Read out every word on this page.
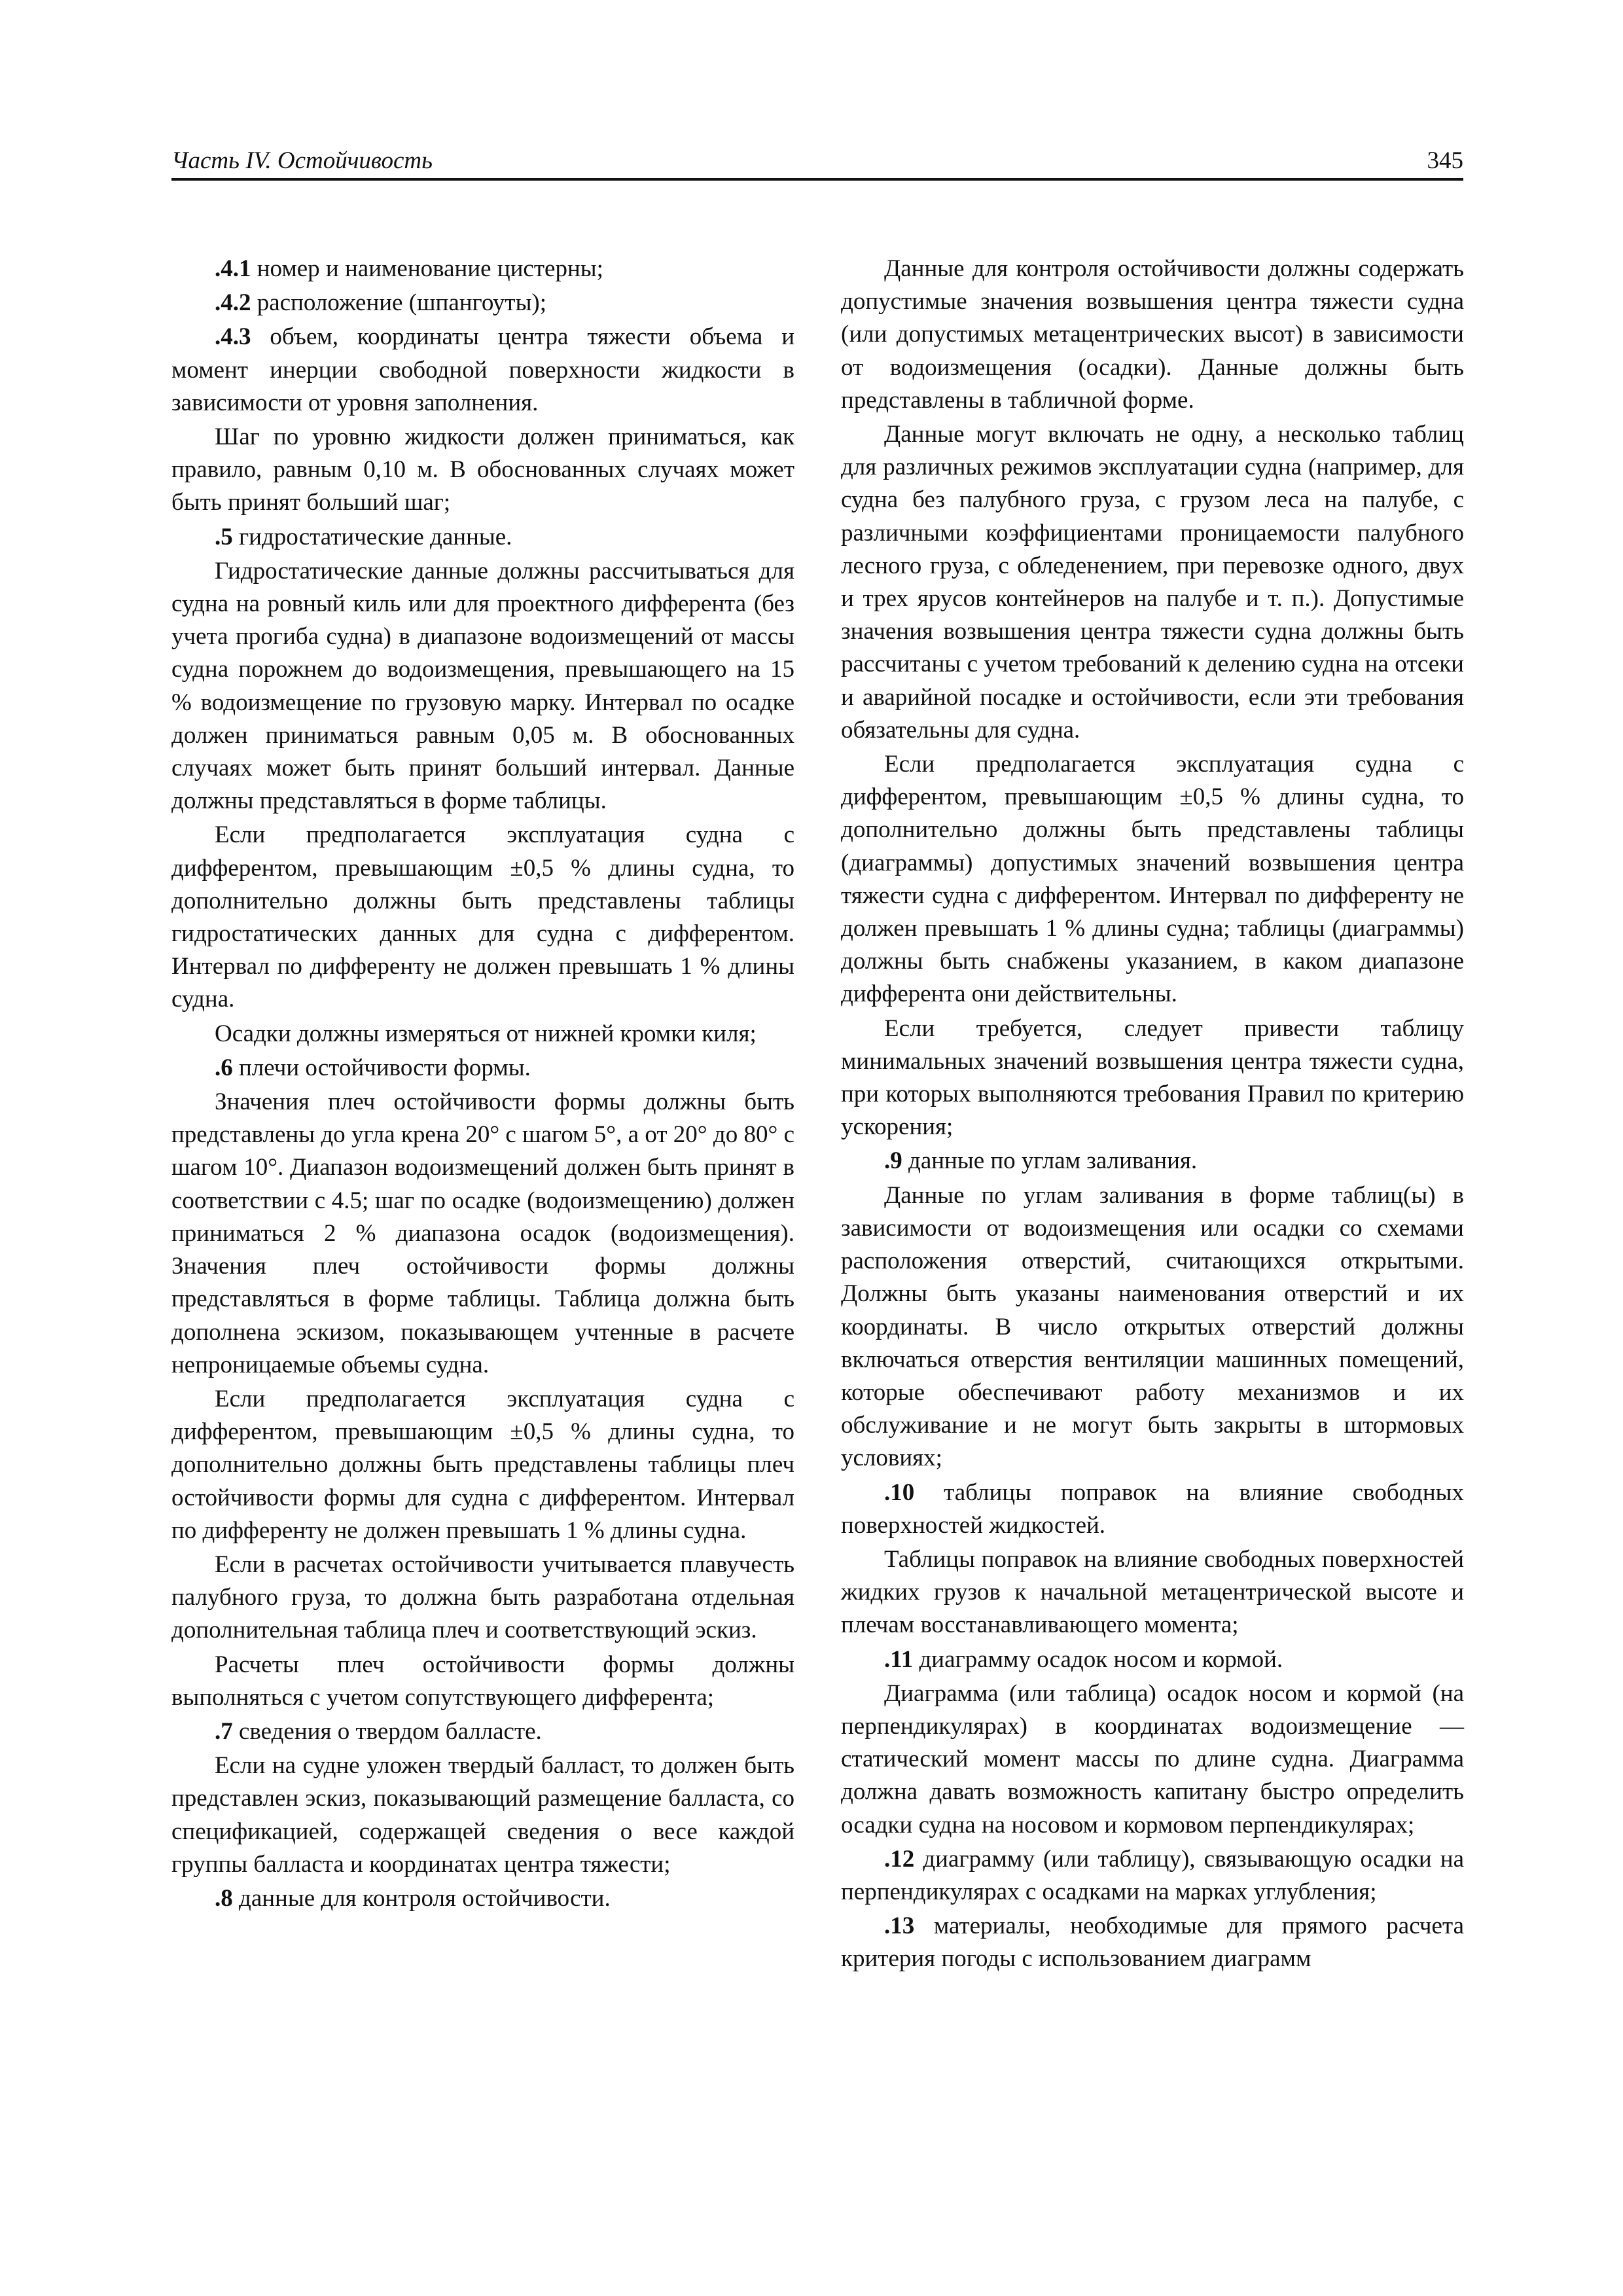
Часть IV. Остойчивость	345

.4.1 номер и наименование цистерны;

.4.2 расположение (шпангоуты);

.4.3 объем, координаты центра тяжести объема и момент инерции свободной поверхности жидкости в зависимости от уровня заполнения.

Шаг по уровню жидкости должен приниматься, как правило, равным 0,10 м. В обоснованных случаях может быть принят больший шаг;

.5 гидростатические данные.

Гидростатические данные должны рассчитываться для судна на ровный киль или для проектного дифферента (без учета прогиба судна) в диапазоне водоизмещений от массы судна порожнем до водоизмещения, превышающего на 15 % водоизмещение по грузовую марку. Интервал по осадке должен приниматься равным 0,05 м. В обоснованных случаях может быть принят больший интервал. Данные должны представляться в форме таблицы.

Если предполагается эксплуатация судна с дифферентом, превышающим ±0,5 % длины судна, то дополнительно должны быть представлены таблицы гидростатических данных для судна с дифферентом. Интервал по дифференту не должен превышать 1 % длины судна.

Осадки должны измеряться от нижней кромки киля;

.6 плечи остойчивости формы.

Значения плеч остойчивости формы должны быть представлены до угла крена 20° с шагом 5°, а от 20° до 80° с шагом 10°. Диапазон водоизмещений должен быть принят в соответствии с 4.5; шаг по осадке (водоизмещению) должен приниматься 2 % диапазона осадок (водоизмещения). Значения плеч остойчивости формы должны представляться в форме таблицы. Таблица должна быть дополнена эскизом, показывающем учтенные в расчете непроницаемые объемы судна.

Если предполагается эксплуатация судна с дифферентом, превышающим ±0,5 % длины судна, то дополнительно должны быть представлены таблицы плеч остойчивости формы для судна с дифферентом. Интервал по дифференту не должен превышать 1 % длины судна.

Если в расчетах остойчивости учитывается плавучесть палубного груза, то должна быть разработана отдельная дополнительная таблица плеч и соответствующий эскиз.

Расчеты плеч остойчивости формы должны выполняться с учетом сопутствующего дифферента;

.7 сведения о твердом балласте.

Если на судне уложен твердый балласт, то должен быть представлен эскиз, показывающий размещение балласта, со спецификацией, содержащей сведения о весе каждой группы балласта и координатах центра тяжести;

.8 данные для контроля остойчивости.

Данные для контроля остойчивости должны содержать допустимые значения возвышения центра тяжести судна (или допустимых метацентрических высот) в зависимости от водоизмещения (осадки). Данные должны быть представлены в табличной форме.

Данные могут включать не одну, а несколько таблиц для различных режимов эксплуатации судна (например, для судна без палубного груза, с грузом леса на палубе, с различными коэффициентами проницаемости палубного лесного груза, с обледенением, при перевозке одного, двух и трех ярусов контейнеров на палубе и т. п.). Допустимые значения возвышения центра тяжести судна должны быть рассчитаны с учетом требований к делению судна на отсеки и аварийной посадке и остойчивости, если эти требования обязательны для судна.

Если предполагается эксплуатация судна с дифферентом, превышающим ±0,5 % длины судна, то дополнительно должны быть представлены таблицы (диаграммы) допустимых значений возвышения центра тяжести судна с дифферентом. Интервал по дифференту не должен превышать 1 % длины судна; таблицы (диаграммы) должны быть снабжены указанием, в каком диапазоне дифферента они действительны.

Если требуется, следует привести таблицу минимальных значений возвышения центра тяжести судна, при которых выполняются требования Правил по критерию ускорения;

.9 данные по углам заливания.

Данные по углам заливания в форме таблиц(ы) в зависимости от водоизмещения или осадки со схемами расположения отверстий, считающихся открытыми. Должны быть указаны наименования отверстий и их координаты. В число открытых отверстий должны включаться отверстия вентиляции машинных помещений, которые обеспечивают работу механизмов и их обслуживание и не могут быть закрыты в штормовых условиях;

.10 таблицы поправок на влияние свободных поверхностей жидкостей.

Таблицы поправок на влияние свободных поверхностей жидких грузов к начальной метацентрической высоте и плечам восстанавливающего момента;

.11 диаграмму осадок носом и кормой.

Диаграмма (или таблица) осадок носом и кормой (на перпендикулярах) в координатах водоизмещение — статический момент массы по длине судна. Диаграмма должна давать возможность капитану быстро определить осадки судна на носовом и кормовом перпендикулярах;

.12 диаграмму (или таблицу), связывающую осадки на перпендикулярах с осадками на марках углубления;

.13 материалы, необходимые для прямого расчета критерия погоды с использованием диаграмм
